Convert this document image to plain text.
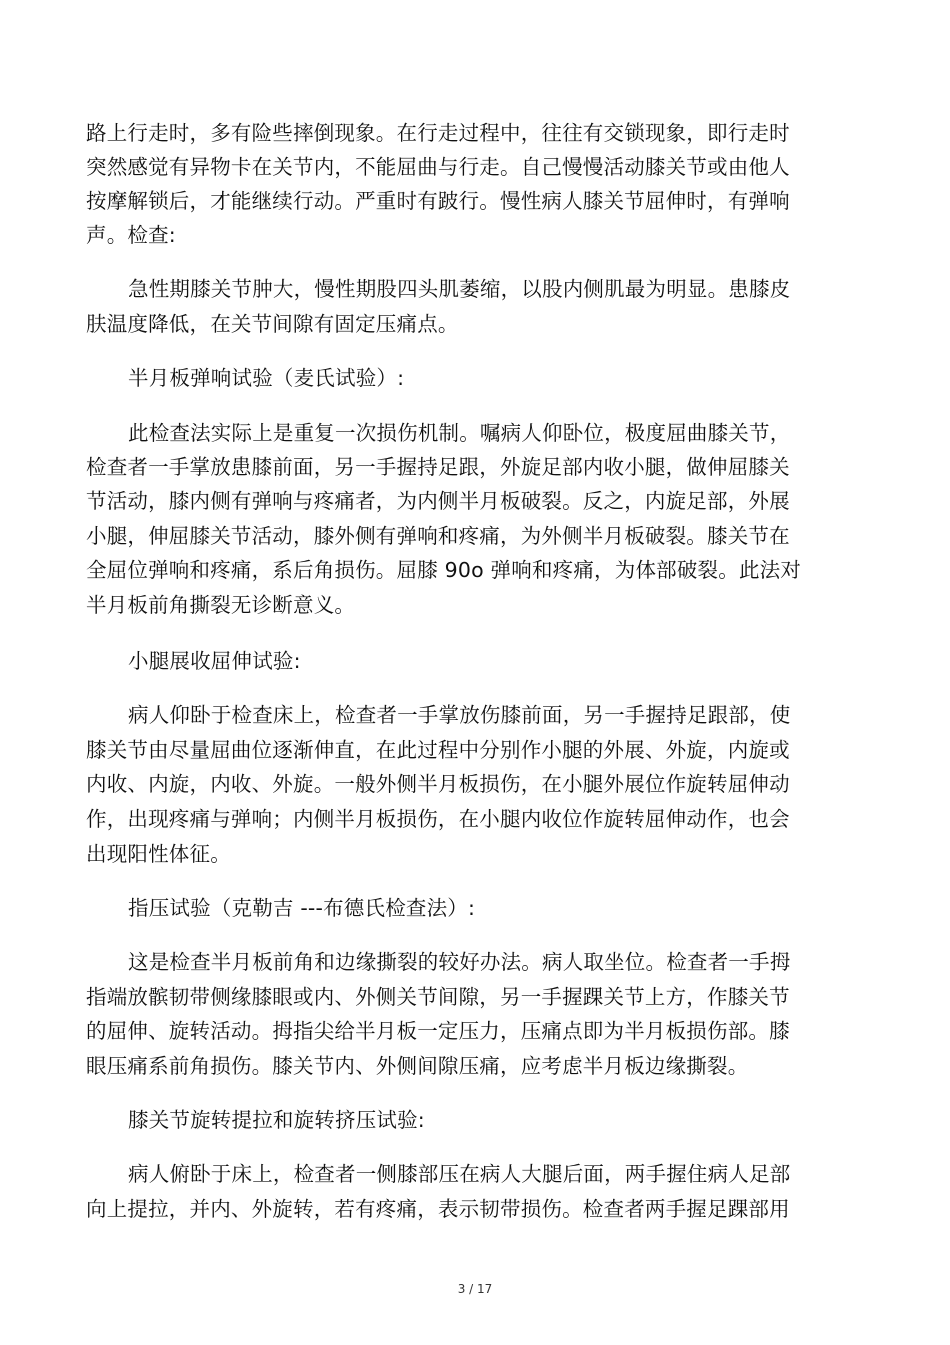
路上行走时，多有险些摔倒现象。在行走过程中，往往有交锁现象，即行走时
突然感觉有异物卡在关节内，不能屈曲与行走。自己慢慢活动膝关节或由他人
按摩解锁后，才能继续行动。严重时有跛行。慢性病人膝关节屈伸时，有弹响
声。检查:
急性期膝关节肿大，慢性期股四头肌萎缩，以股内侧肌最为明显。患膝皮
肤温度降低，在关节间隙有固定压痛点。
半月板弹响试验（麦氏试验）:
此检查法实际上是重复一次损伤机制。嘱病人仰卧位，极度屈曲膝关节，
检查者一手掌放患膝前面，另一手握持足跟，外旋足部内收小腿，做伸屈膝关
节活动，膝内侧有弹响与疼痛者，为内侧半月板破裂。反之，内旋足部，外展
小腿，伸屈膝关节活动，膝外侧有弹响和疼痛，为外侧半月板破裂。膝关节在
全屈位弹响和疼痛，系后角损伤。屈膝 90o 弹响和疼痛，为体部破裂。此法对
半月板前角撕裂无诊断意义。
小腿展收屈伸试验:
病人仰卧于检查床上，检查者一手掌放伤膝前面，另一手握持足跟部，使
膝关节由尽量屈曲位逐渐伸直，在此过程中分别作小腿的外展、外旋，内旋或
内收、内旋，内收、外旋。一般外侧半月板损伤，在小腿外展位作旋转屈伸动
作，出现疼痛与弹响；内侧半月板损伤，在小腿内收位作旋转屈伸动作，也会
出现阳性体征。
指压试验（克勒吉 ---布德氏检查法）:
这是检查半月板前角和边缘撕裂的较好办法。病人取坐位。检查者一手拇
指端放髌韧带侧缘膝眼或内、外侧关节间隙，另一手握踝关节上方，作膝关节
的屈伸、旋转活动。拇指尖给半月板一定压力，压痛点即为半月板损伤部。膝
眼压痛系前角损伤。膝关节内、外侧间隙压痛，应考虑半月板边缘撕裂。
膝关节旋转提拉和旋转挤压试验:
病人俯卧于床上，检查者一侧膝部压在病人大腿后面，两手握住病人足部
向上提拉，并内、外旋转，若有疼痛，表示韧带损伤。检查者两手握足踝部用
3 / 17
